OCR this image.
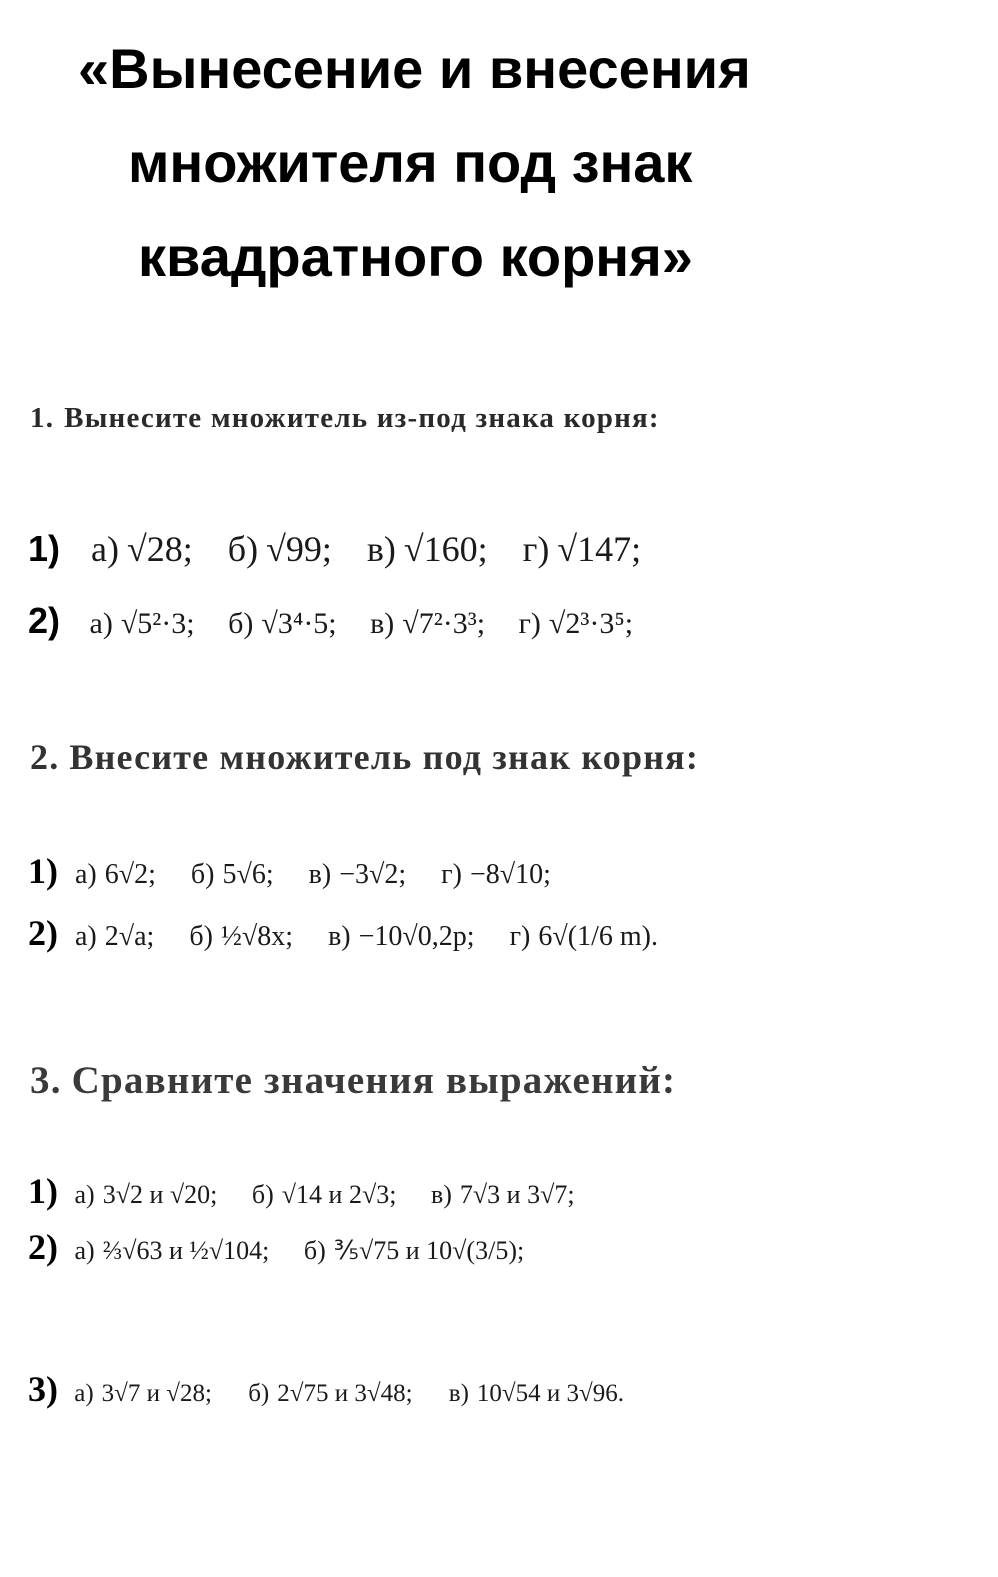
«Вынесение и внесения
множителя под знак
квадратного корня»
1. Вынесите множитель из-под знака корня:
1) а) √28; б) √99; в) √160; г) √147;
2) а) √5²·3; б) √3⁴·5; в) √7²·3³; г) √2³·3⁵;
2. Внесите множитель под знак корня:
1) а) 6√2; б) 5√6; в) −3√2; г) −8√10;
2) а) 2√a; б) ½√8x; в) −10√0,2p; г) 6√(1/6 m).
3. Сравните значения выражений:
1) а) 3√2 и √20; б) √14 и 2√3; в) 7√3 и 3√7;
2) а) ⅔√63 и ½√104; б) ⅗√75 и 10√(3/5);
3) а) 3√7 и √28; б) 2√75 и 3√48; в) 10√54 и 3√96.
